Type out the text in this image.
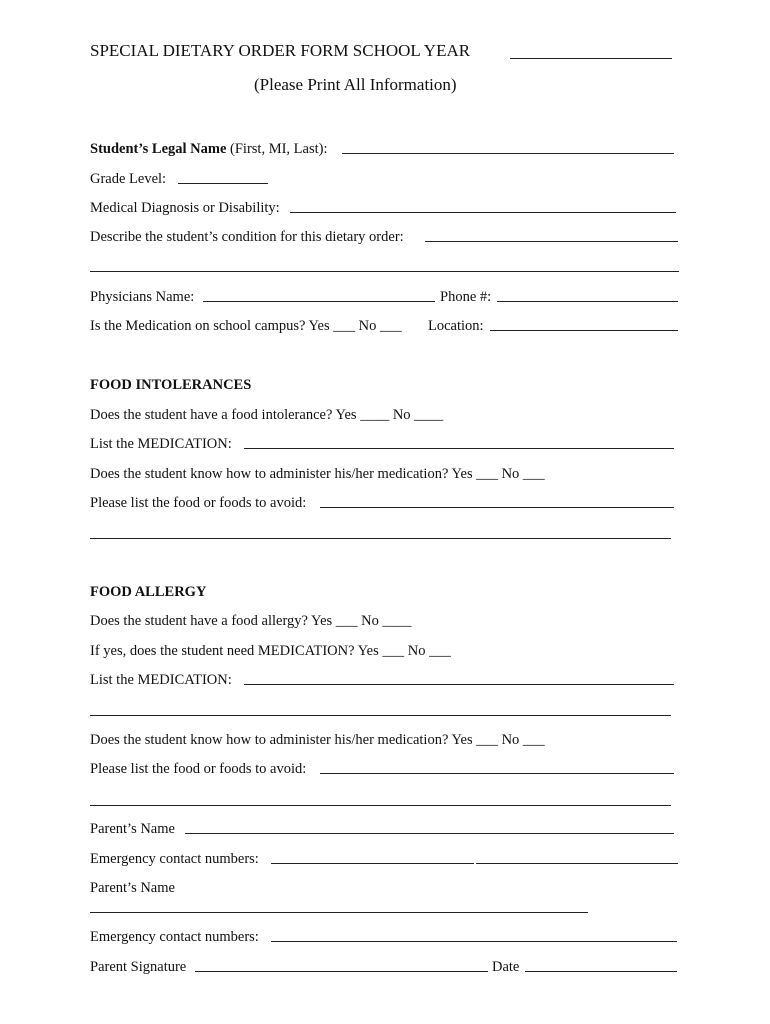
SPECIAL DIETARY ORDER FORM SCHOOL YEAR
(Please Print All Information)
Student’s Legal Name (First, MI, Last):
Grade Level:
Medical Diagnosis or Disability:
Describe the student’s condition for this dietary order:
Physicians Name:	Phone #:
Is the Medication on school campus? Yes ___ No ___ Location:
FOOD INTOLERANCES
Does the student have a food intolerance? Yes ____ No ____
List the MEDICATION:
Does the student know how to administer his/her medication? Yes ___ No ___
Please list the food or foods to avoid:
FOOD ALLERGY
Does the student have a food allergy? Yes ___ No ____
If yes, does the student need MEDICATION? Yes ___ No ___
List the MEDICATION:
Does the student know how to administer his/her medication? Yes ___ No ___
Please list the food or foods to avoid:
Parent’s Name
Emergency contact numbers:
Parent’s Name
Emergency contact numbers:
Parent Signature	Date
